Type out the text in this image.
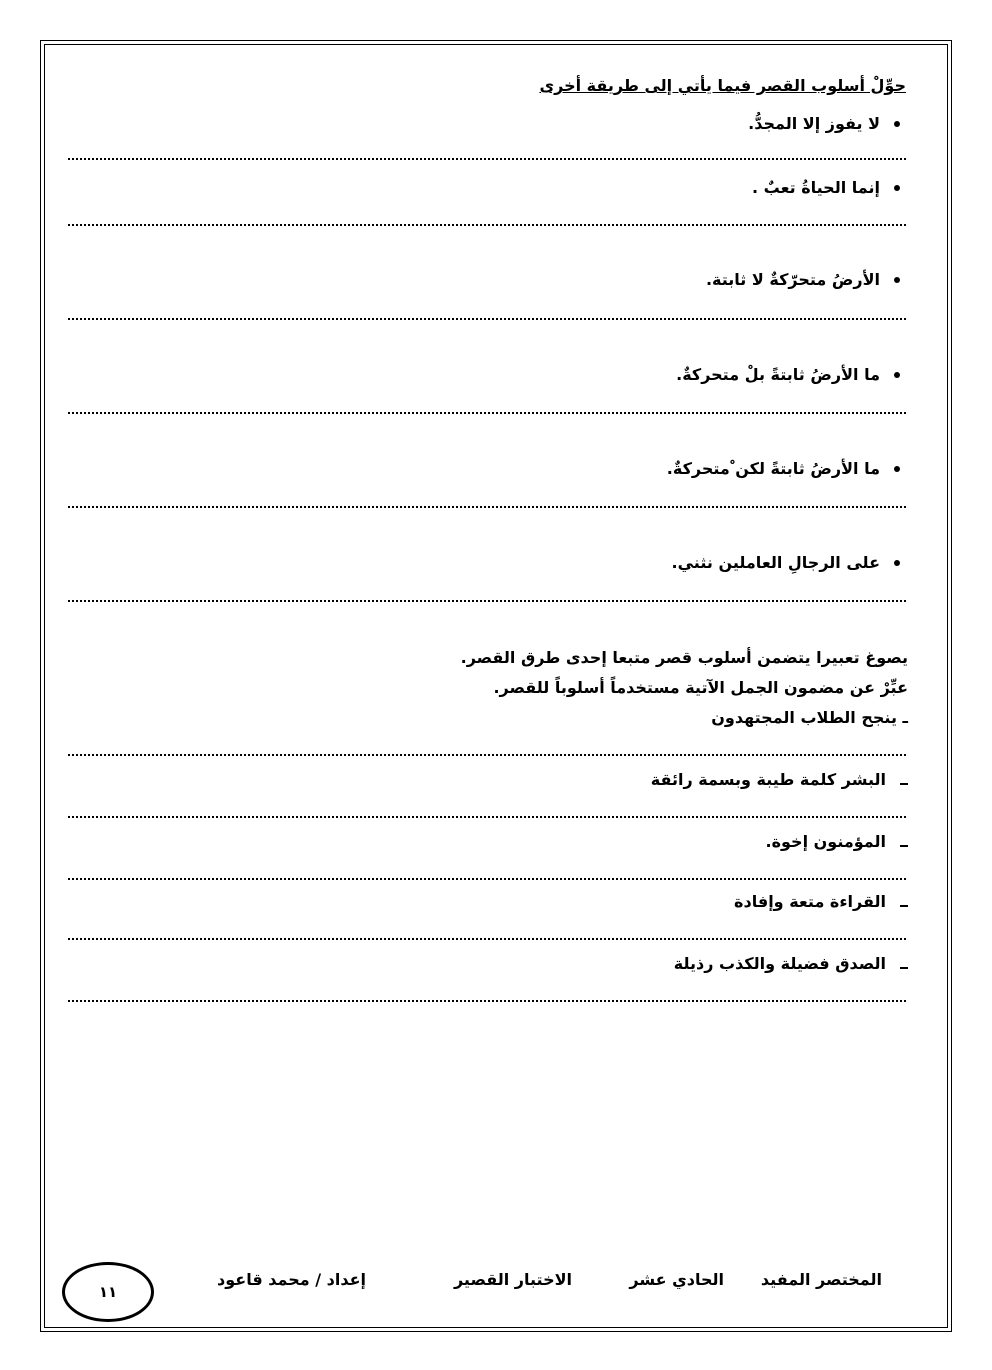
حوِّلْ أسلوب القصر فيما يأتي إلى طريقة أخرى
لا يفوز إلا المجدُّ.
إنما الحياةُ تعبٌ .
الأرضُ متحرّكةٌ لا ثابتة.
ما الأرضُ ثابتةً بلْ متحركةٌ.
ما الأرضُ ثابتةً لكن ْمتحركةٌ.
على الرجالِ العاملين نثني.
يصوغ تعبيرا يتضمن أسلوب قصر متبعا إحدى طرق القصر.
عبِّرْ عن مضمون الجمل الآتية مستخدماً أسلوباً للقصر.
ـ ينجح الطلاب المجتهدون
البشر كلمة طيبة وبسمة رائقة
المؤمنون إخوة.
القراءة متعة وإفادة
الصدق فضيلة والكذب رذيلة
المختصر المفيد
الحادي عشر
الاختبار القصير
إعداد / محمد قاعود
١١
